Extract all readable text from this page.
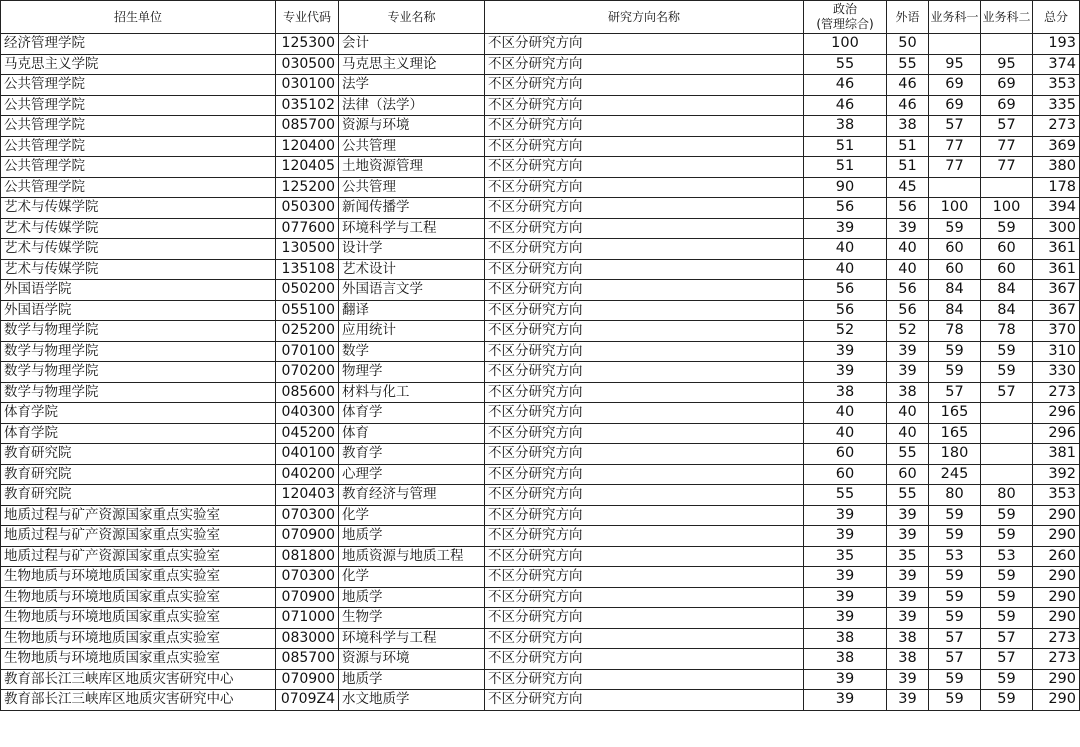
招生单位	专业代码	专业名称	研究方向名称	政治
(管理综合)	外语	业务科一	业务科二	总分
经济管理学院	125300	会计	不区分研究方向	100	50			193
马克思主义学院	030500	马克思主义理论	不区分研究方向	55	55	95	95	374
公共管理学院	030100	法学	不区分研究方向	46	46	69	69	353
公共管理学院	035102	法律（法学）	不区分研究方向	46	46	69	69	335
公共管理学院	085700	资源与环境	不区分研究方向	38	38	57	57	273
公共管理学院	120400	公共管理	不区分研究方向	51	51	77	77	369
公共管理学院	120405	土地资源管理	不区分研究方向	51	51	77	77	380
公共管理学院	125200	公共管理	不区分研究方向	90	45			178
艺术与传媒学院	050300	新闻传播学	不区分研究方向	56	56	100	100	394
艺术与传媒学院	077600	环境科学与工程	不区分研究方向	39	39	59	59	300
艺术与传媒学院	130500	设计学	不区分研究方向	40	40	60	60	361
艺术与传媒学院	135108	艺术设计	不区分研究方向	40	40	60	60	361
外国语学院	050200	外国语言文学	不区分研究方向	56	56	84	84	367
外国语学院	055100	翻译	不区分研究方向	56	56	84	84	367
数学与物理学院	025200	应用统计	不区分研究方向	52	52	78	78	370
数学与物理学院	070100	数学	不区分研究方向	39	39	59	59	310
数学与物理学院	070200	物理学	不区分研究方向	39	39	59	59	330
数学与物理学院	085600	材料与化工	不区分研究方向	38	38	57	57	273
体育学院	040300	体育学	不区分研究方向	40	40	165		296
体育学院	045200	体育	不区分研究方向	40	40	165		296
教育研究院	040100	教育学	不区分研究方向	60	55	180		381
教育研究院	040200	心理学	不区分研究方向	60	60	245		392
教育研究院	120403	教育经济与管理	不区分研究方向	55	55	80	80	353
地质过程与矿产资源国家重点实验室	070300	化学	不区分研究方向	39	39	59	59	290
地质过程与矿产资源国家重点实验室	070900	地质学	不区分研究方向	39	39	59	59	290
地质过程与矿产资源国家重点实验室	081800	地质资源与地质工程	不区分研究方向	35	35	53	53	260
生物地质与环境地质国家重点实验室	070300	化学	不区分研究方向	39	39	59	59	290
生物地质与环境地质国家重点实验室	070900	地质学	不区分研究方向	39	39	59	59	290
生物地质与环境地质国家重点实验室	071000	生物学	不区分研究方向	39	39	59	59	290
生物地质与环境地质国家重点实验室	083000	环境科学与工程	不区分研究方向	38	38	57	57	273
生物地质与环境地质国家重点实验室	085700	资源与环境	不区分研究方向	38	38	57	57	273
教育部长江三峡库区地质灾害研究中心	070900	地质学	不区分研究方向	39	39	59	59	290
教育部长江三峡库区地质灾害研究中心	0709Z4	水文地质学	不区分研究方向	39	39	59	59	290
